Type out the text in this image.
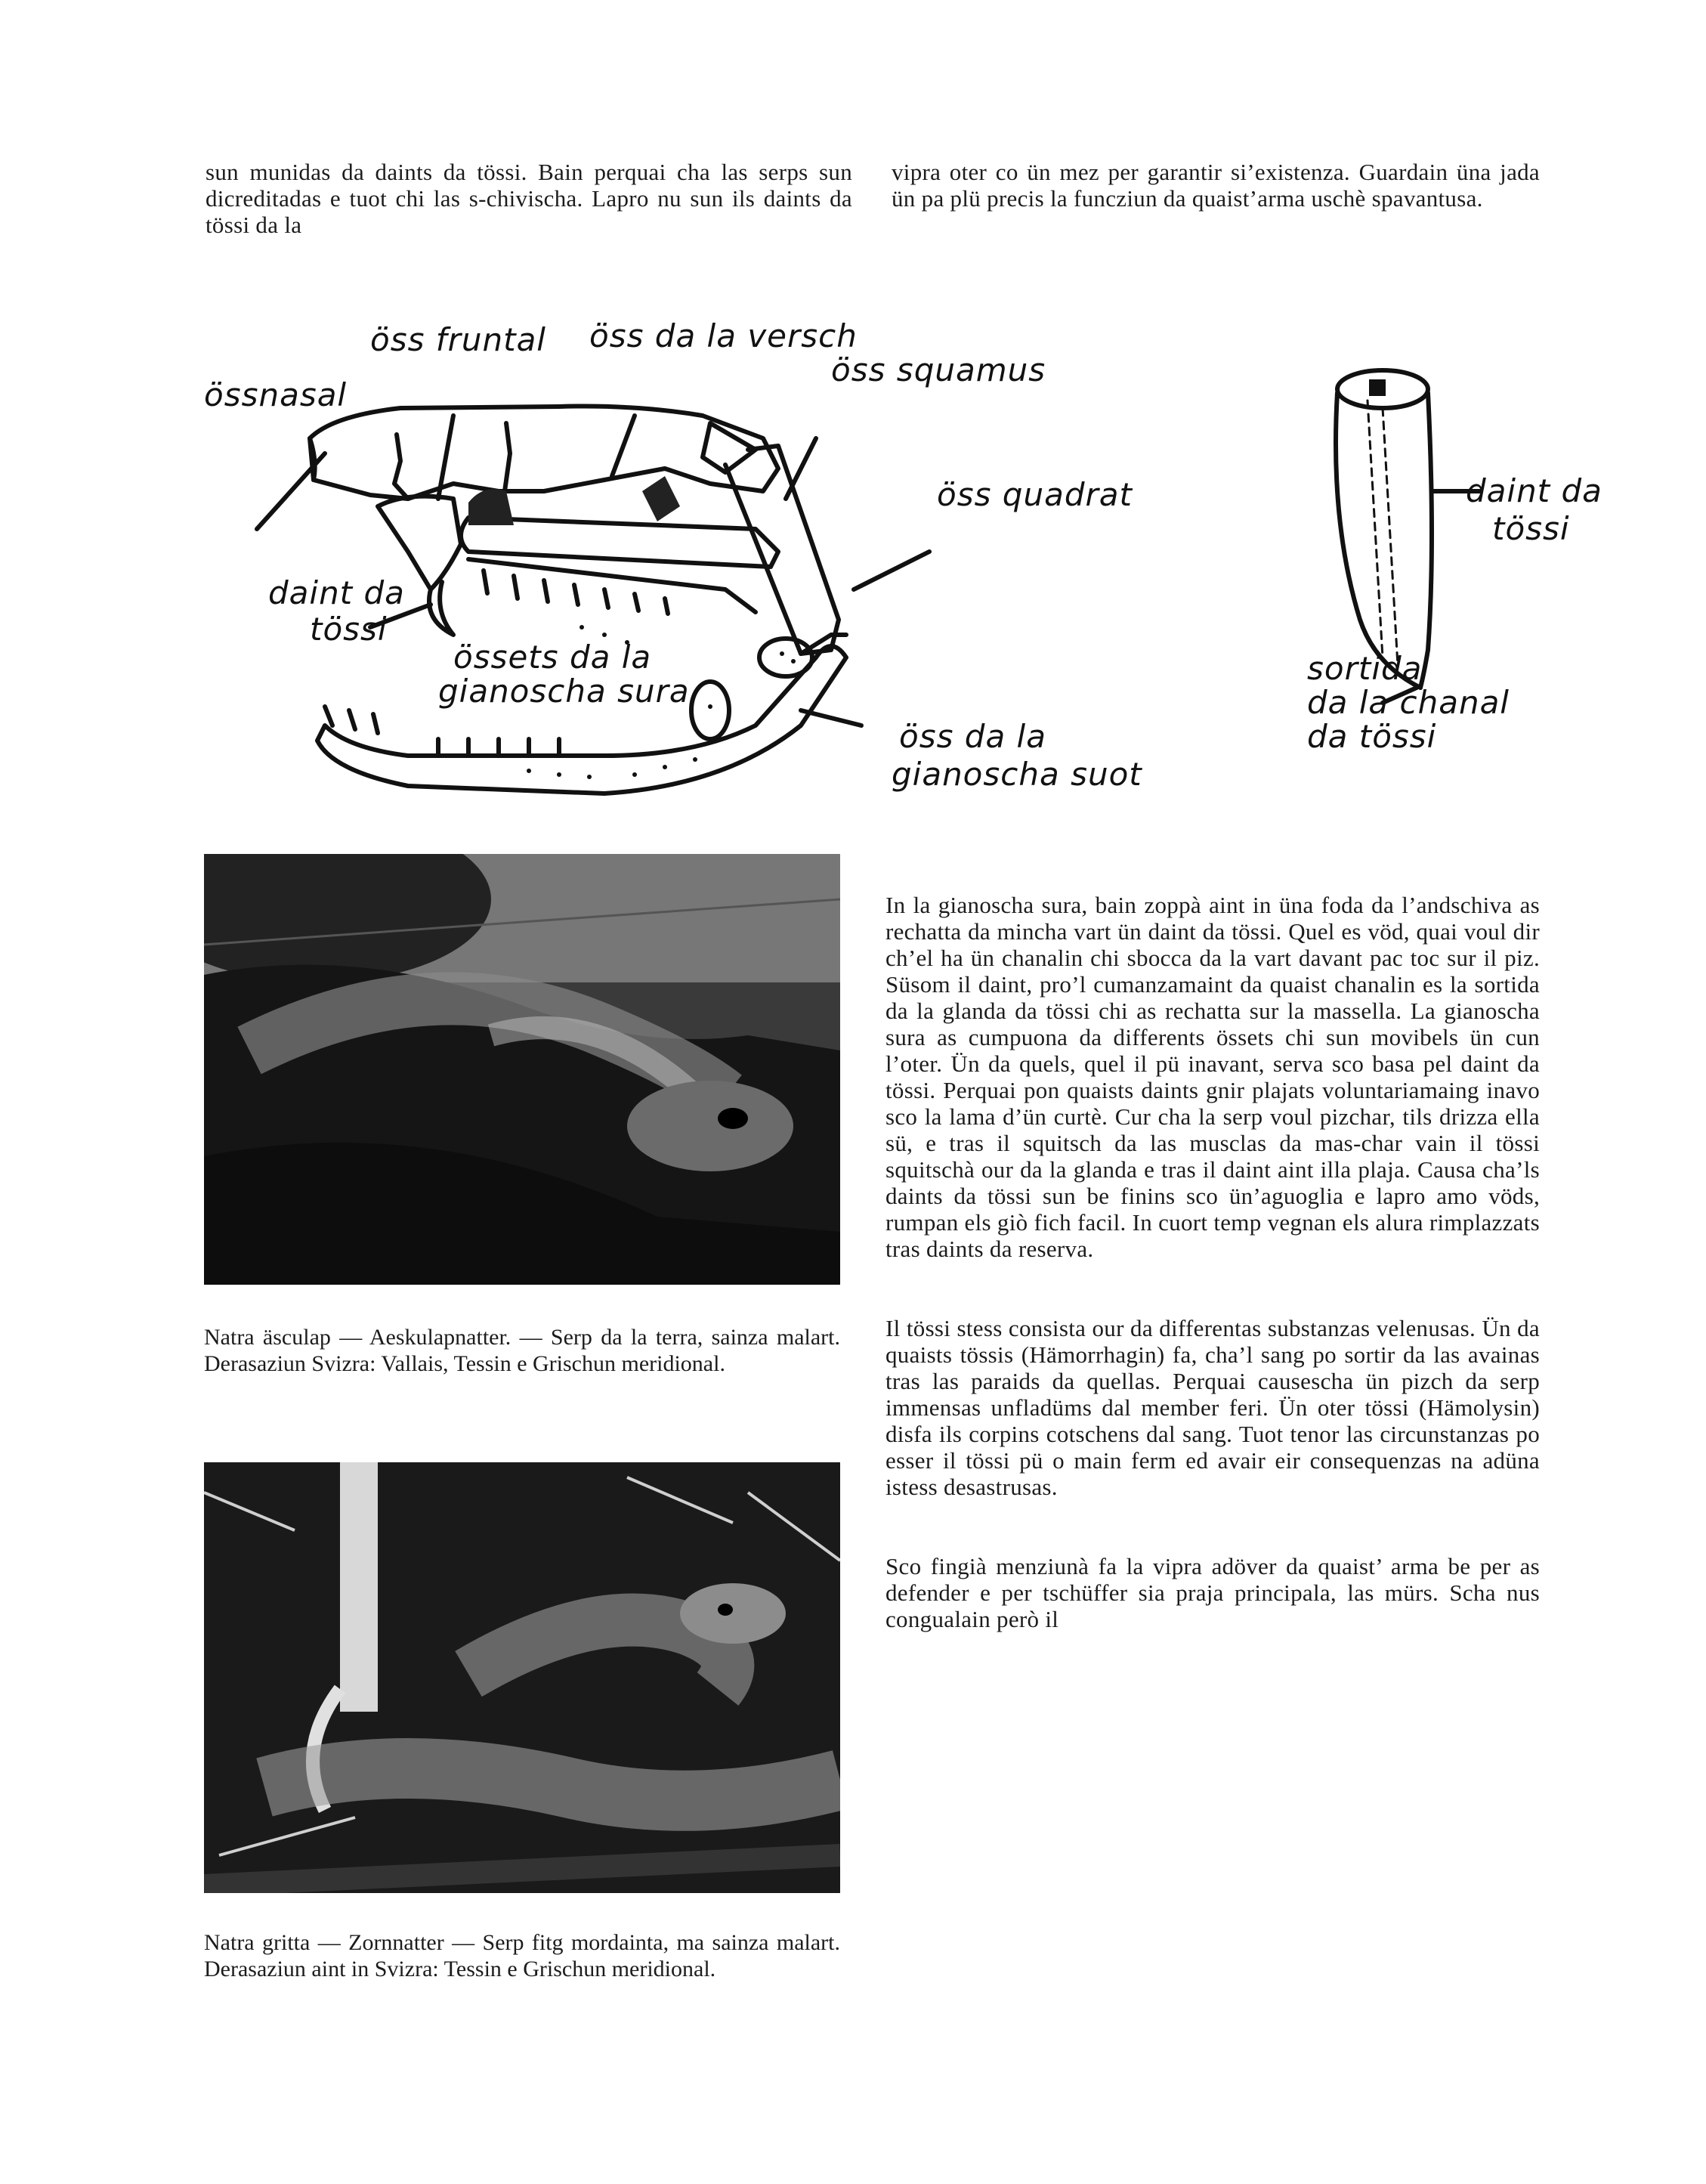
sun munidas da daints da tössi. Bain perquai cha las serps sun dicreditadas e tuot chi las s-chivischa. Lapro nu sun ils daints da tössi da la
vipra oter co ün mez per garantir si’existenza. Guardain üna jada ün pa plü precis la funcziun da quaist’arma uschè spavantusa.
össnasal
öss fruntal öss da la versch
öss squamus
öss quadrat
daint da
tössi
össets da la
gianoscha sura
öss da la
gianoscha suot
daint da
tössi
sortida
da la chanal
da tössi
Natra äsculap — Aeskulapnatter. — Serp da la terra, sainza malart. Derasaziun Svizra: Vallais, Tessin e Grischun meridional.
Natra gritta — Zornnatter — Serp fitg mordainta, ma sainza malart. Derasaziun aint in Svizra: Tessin e Grischun meridional.

In la gianoscha sura, bain zoppà aint in üna foda da l’andschiva as rechatta da mincha vart ün daint da tössi. Quel es vöd, quai voul dir ch’el ha ün chanalin chi sbocca da la vart davant pac toc sur il piz. Süsom il daint, pro’l cumanzamaint da quaist chanalin es la sortida da la glanda da tössi chi as rechatta sur la massella. La gianoscha sura as cumpuona da differents össets chi sun movibels ün cun l’oter. Ün da quels, quel il pü inavant, serva sco basa pel daint da tössi. Perquai pon quaists daints gnir plajats voluntariamaing inavo sco la lama d’ün curtè. Cur cha la serp voul pizchar, tils drizza ella sü, e tras il squitsch da las musclas da mas-char vain il tössi squitschà our da la glanda e tras il daint aint illa plaja. Causa cha’ls daints da tössi sun be finins sco ün’aguoglia e lapro amo vöds, rumpan els giò fich facil. In cuort temp vegnan els alura rimplazzats tras daints da reserva.

Il tössi stess consista our da differentas substanzas velenusas. Ün da quaists tössis (Hämorrhagin) fa, cha’l sang po sortir da las avainas tras las paraids da quellas. Perquai causescha ün pizch da serp immensas unfladüms dal member feri. Ün oter tössi (Hämolysin) disfa ils corpins cotschens dal sang. Tuot tenor las circunstanzas po esser il tössi pü o main ferm ed avair eir consequenzas na adüna istess desastrusas.

Sco fingià menziunà fa la vipra adöver da quaist’ arma be per as defender e per tschüffer sia praja principala, las mürs. Scha nus congualain però il
